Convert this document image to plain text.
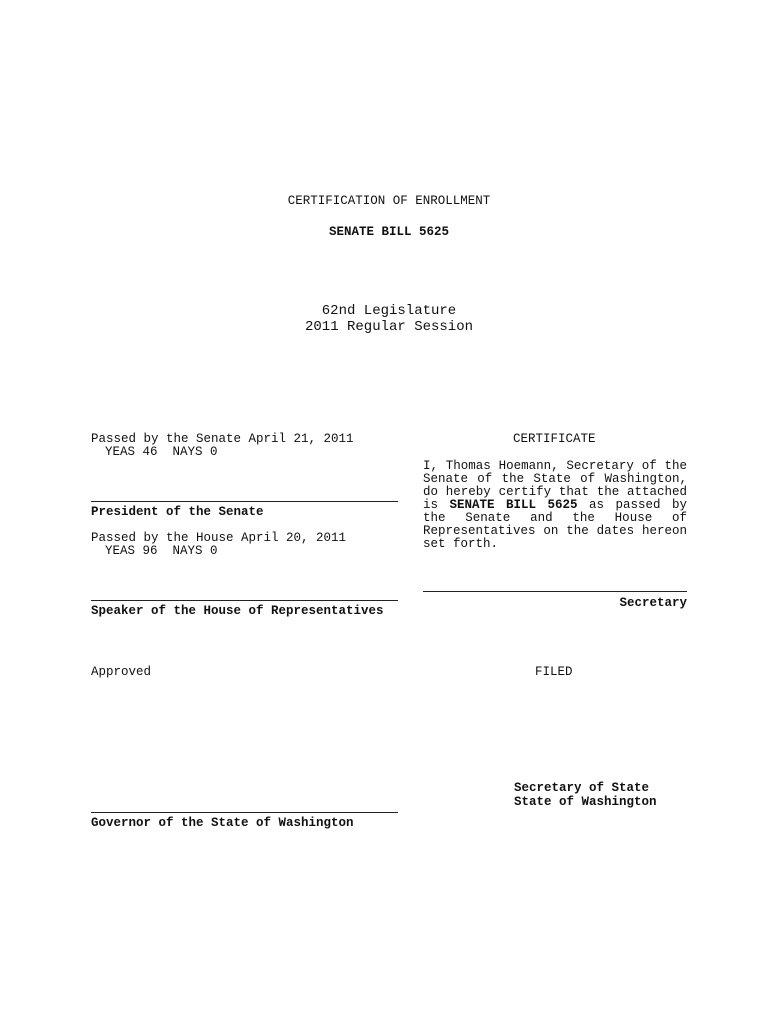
CERTIFICATION OF ENROLLMENT
SENATE BILL 5625
62nd Legislature
2011 Regular Session
Passed by the Senate April 21, 2011
YEAS 46  NAYS 0
President of the Senate
Passed by the House April 20, 2011
YEAS 96  NAYS 0
Speaker of the House of Representatives
Approved
Governor of the State of Washington
CERTIFICATE
I, Thomas Hoemann, Secretary of the
Senate of the State of Washington,
do hereby certify that the attached
is SENATE BILL 5625 as passed by
the Senate and the House of
Representatives on the dates hereon
set forth.
Secretary
FILED
Secretary of State
State of Washington
